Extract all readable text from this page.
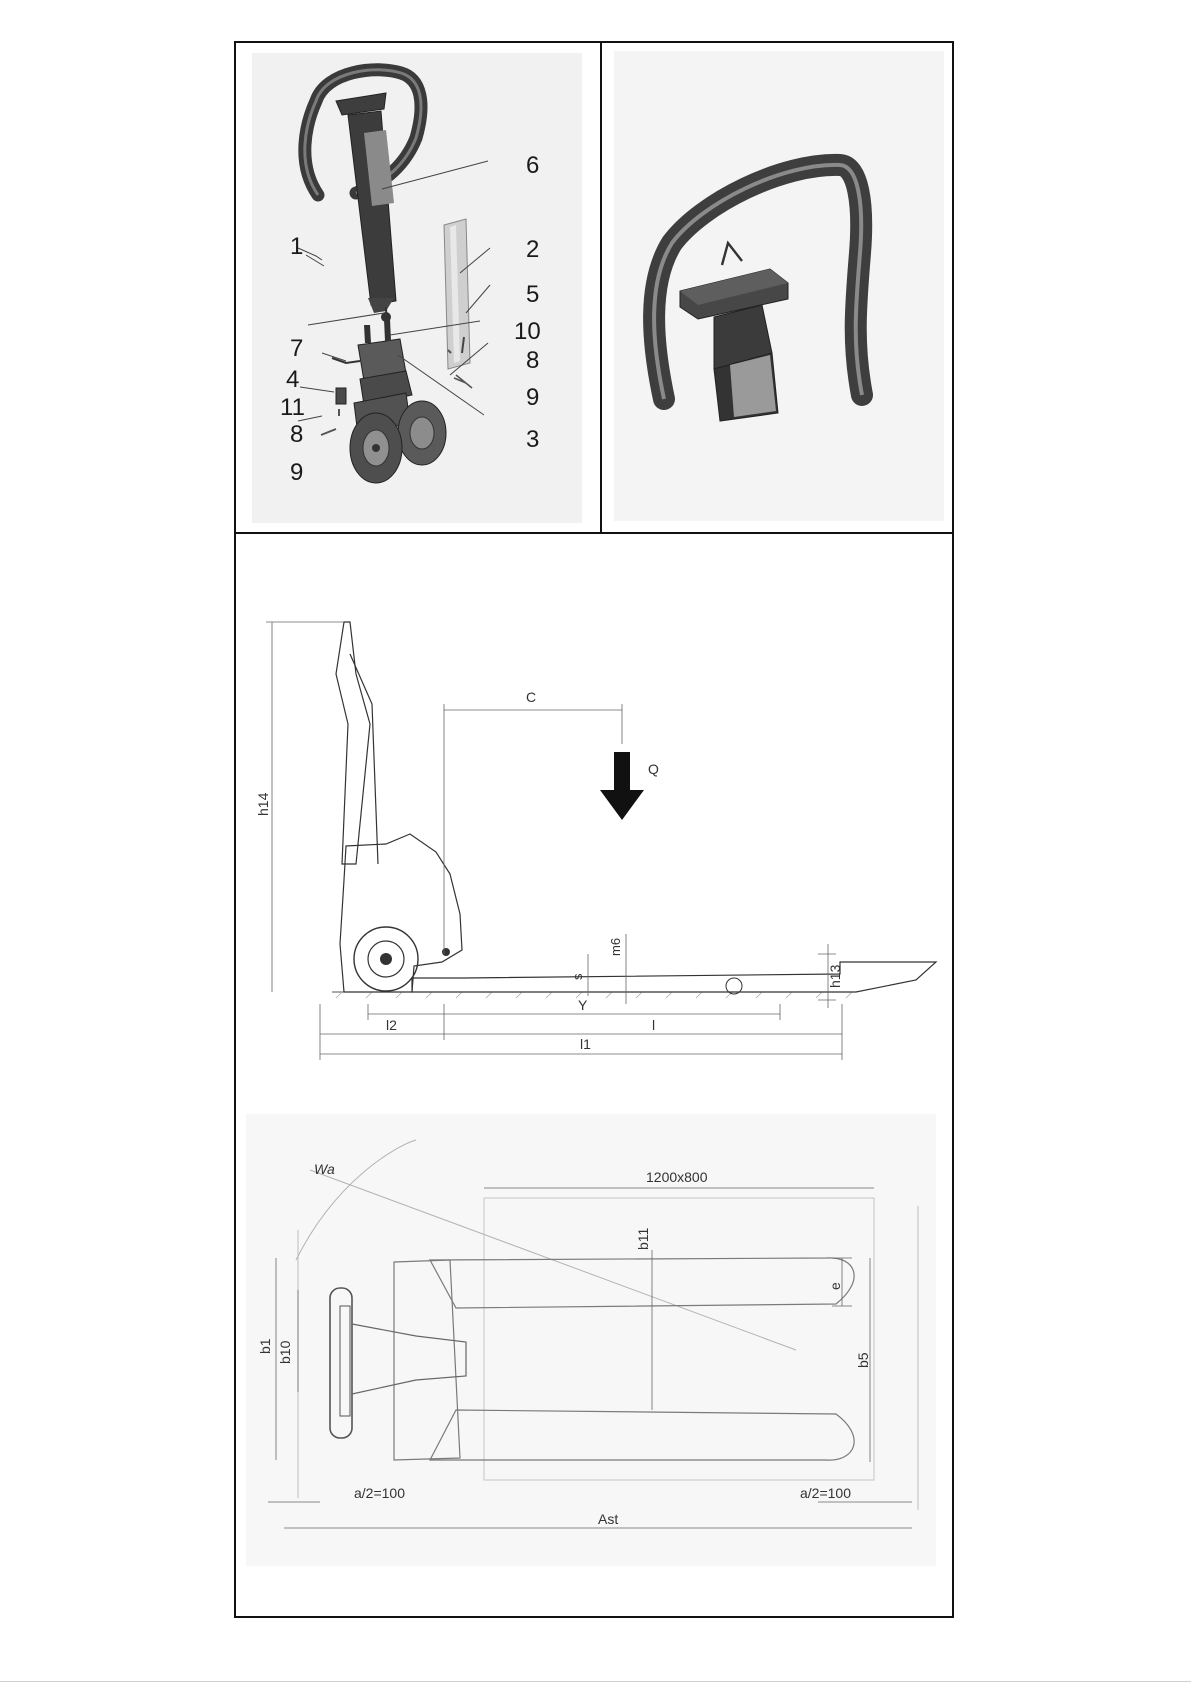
6
1	2
5
10
7	8
4
9
11
3
8
9
Q
C
h14
s
m6
h13
Y
l2	l
l1
Wa	1200x800
b11
e
b5
b1 b10
a/2=100	a/2=100
Ast
